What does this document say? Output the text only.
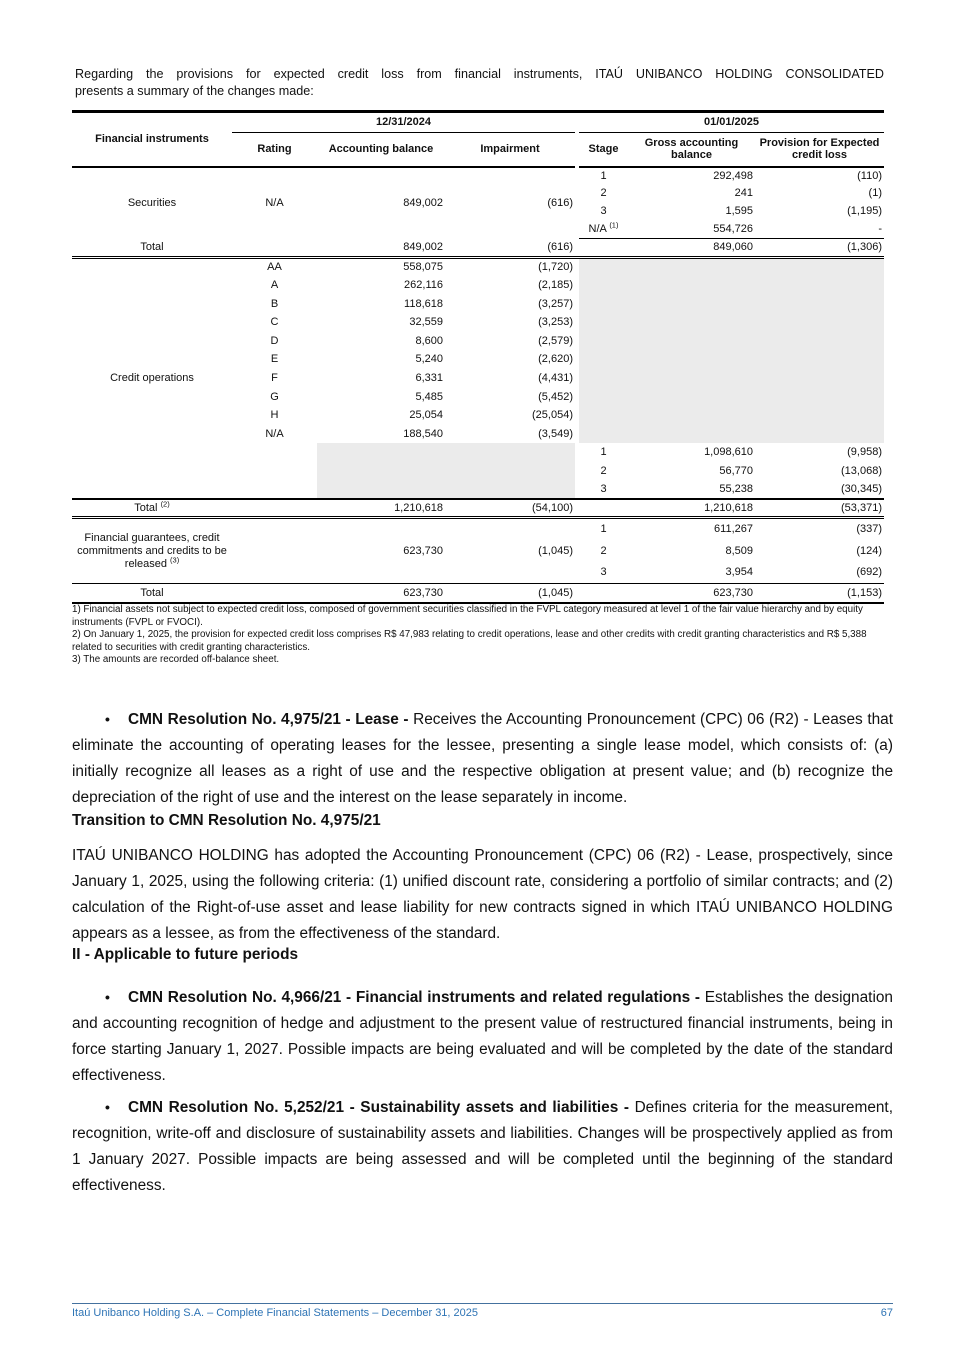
Regarding the provisions for expected credit loss from financial instruments, ITAÚ UNIBANCO HOLDING CONSOLIDATED
presents a summary of the changes made:
Financial instruments	12/31/2024				01/01/2025		
	Rating	Accounting balance	Impairment		Stage	Gross accounting balance	Provision for Expected credit loss
Securities	N/A	849,002	(616)		1	292,498	(110)
					2	241	(1)
					3	1,595	(1,195)
					N/A $^{(1)}$	554,726	-
Total		849,002	(616)			849,060	(1,306)
Credit operations	AA	558,075	(1,720)				
	A	262,116	(2,185)				
	B	118,618	(3,257)				
	C	32,559	(3,253)				
	D	8,600	(2,579)				
	E	5,240	(2,620)				
	F	6,331	(4,431)				
	G	5,485	(5,452)				
	H	25,054	(25,054)				
	N/A	188,540	(3,549)				
					1	1,098,610	(9,958)
					2	56,770	(13,068)
					3	55,238	(30,345)
Total $^{(2)}$		1,210,618	(54,100)			1,210,618	(53,371)
Financial guarantees, credit commitments and credits to be released $^{(3)}$		623,730	(1,045)		1	611,267	(337)
					2	8,509	(124)
					3	3,954	(692)
Total		623,730	(1,045)			623,730	(1,153)
1) Financial assets not subject to expected credit loss, composed of government securities classified in the FVPL category measured at level 1 of the fair value hierarchy and by equity instruments (FVPL or FVOCI).
2) On January 1, 2025, the provision for expected credit loss comprises R$ 47,983 relating to credit operations, lease and other credits with credit granting characteristics and R$ 5,388 related to securities with credit granting characteristics.
3) The amounts are recorded off-balance sheet.

•CMN Resolution No. 4,975/21 - Lease - Receives the Accounting Pronouncement (CPC) 06 (R2) - Leases that eliminate the accounting of operating leases for the lessee, presenting a single lease model, which consists of: (a) initially recognize all leases as a right of use and the respective obligation at present value; and (b) recognize the depreciation of the right of use and the interest on the lease separately in income.

Transition to CMN Resolution No. 4,975/21

ITAÚ UNIBANCO HOLDING has adopted the Accounting Pronouncement (CPC) 06 (R2) - Lease, prospectively, since January 1, 2025, using the following criteria: (1) unified discount rate, considering a portfolio of similar contracts; and (2) calculation of the Right-of-use asset and lease liability for new contracts signed in which ITAÚ UNIBANCO HOLDING appears as a lessee, as from the effectiveness of the standard.

II - Applicable to future periods

•CMN Resolution No. 4,966/21 - Financial instruments and related regulations - Establishes the designation and accounting recognition of hedge and adjustment to the present value of restructured financial instruments, being in force starting January 1, 2027. Possible impacts are being evaluated and will be completed by the date of the standard effectiveness.

•CMN Resolution No. 5,252/21 - Sustainability assets and liabilities - Defines criteria for the measurement, recognition, write-off and disclosure of sustainability assets and liabilities. Changes will be prospectively applied as from 1 January 2027. Possible impacts are being assessed and will be completed until the beginning of the standard effectiveness.

Itaú Unibanco Holding S.A. – Complete Financial Statements – December 31, 2025	67
